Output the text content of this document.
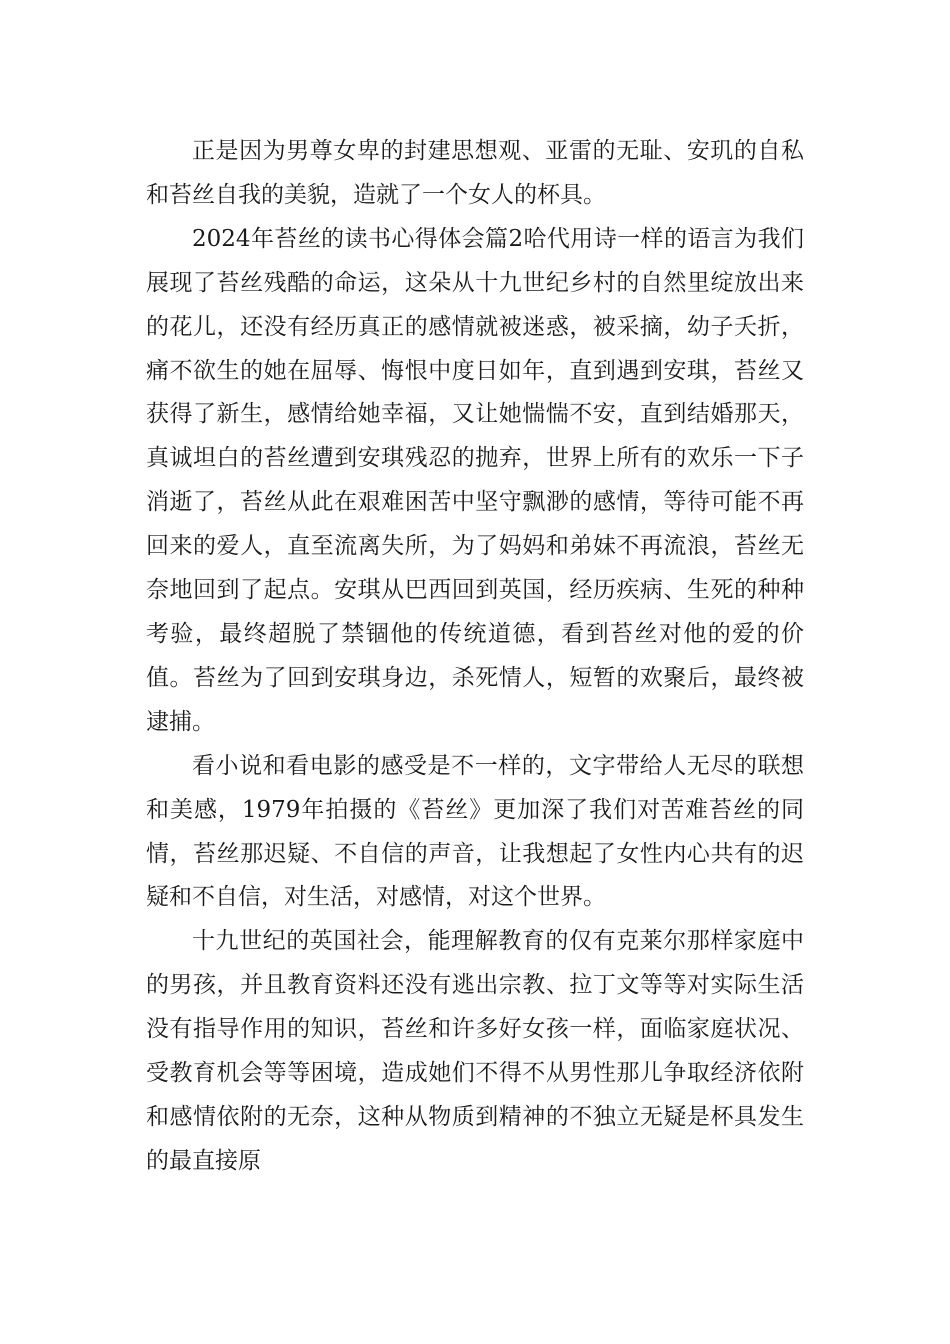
正是因为男尊女卑的封建思想观、亚雷的无耻、安玑的自私和苔丝自我的美貌，造就了一个女人的杯具。

2024年苔丝的读书心得体会篇2哈代用诗一样的语言为我们展现了苔丝残酷的命运，这朵从十九世纪乡村的自然里绽放出来的花儿，还没有经历真正的感情就被迷惑，被采摘，幼子夭折，痛不欲生的她在屈辱、悔恨中度日如年，直到遇到安琪，苔丝又获得了新生，感情给她幸福，又让她惴惴不安，直到结婚那天，真诚坦白的苔丝遭到安琪残忍的抛弃，世界上所有的欢乐一下子消逝了，苔丝从此在艰难困苦中坚守飘渺的感情，等待可能不再回来的爱人，直至流离失所，为了妈妈和弟妹不再流浪，苔丝无奈地回到了起点。安琪从巴西回到英国，经历疾病、生死的种种考验，最终超脱了禁锢他的传统道德，看到苔丝对他的爱的价值。苔丝为了回到安琪身边，杀死情人，短暂的欢聚后，最终被逮捕。

看小说和看电影的感受是不一样的，文字带给人无尽的联想和美感，1979年拍摄的《苔丝》更加深了我们对苦难苔丝的同情，苔丝那迟疑、不自信的声音，让我想起了女性内心共有的迟疑和不自信，对生活，对感情，对这个世界。

十九世纪的英国社会，能理解教育的仅有克莱尔那样家庭中的男孩，并且教育资料还没有逃出宗教、拉丁文等等对实际生活没有指导作用的知识，苔丝和许多好女孩一样，面临家庭状况、受教育机会等等困境，造成她们不得不从男性那儿争取经济依附和感情依附的无奈，这种从物质到精神的不独立无疑是杯具发生的最直接原
